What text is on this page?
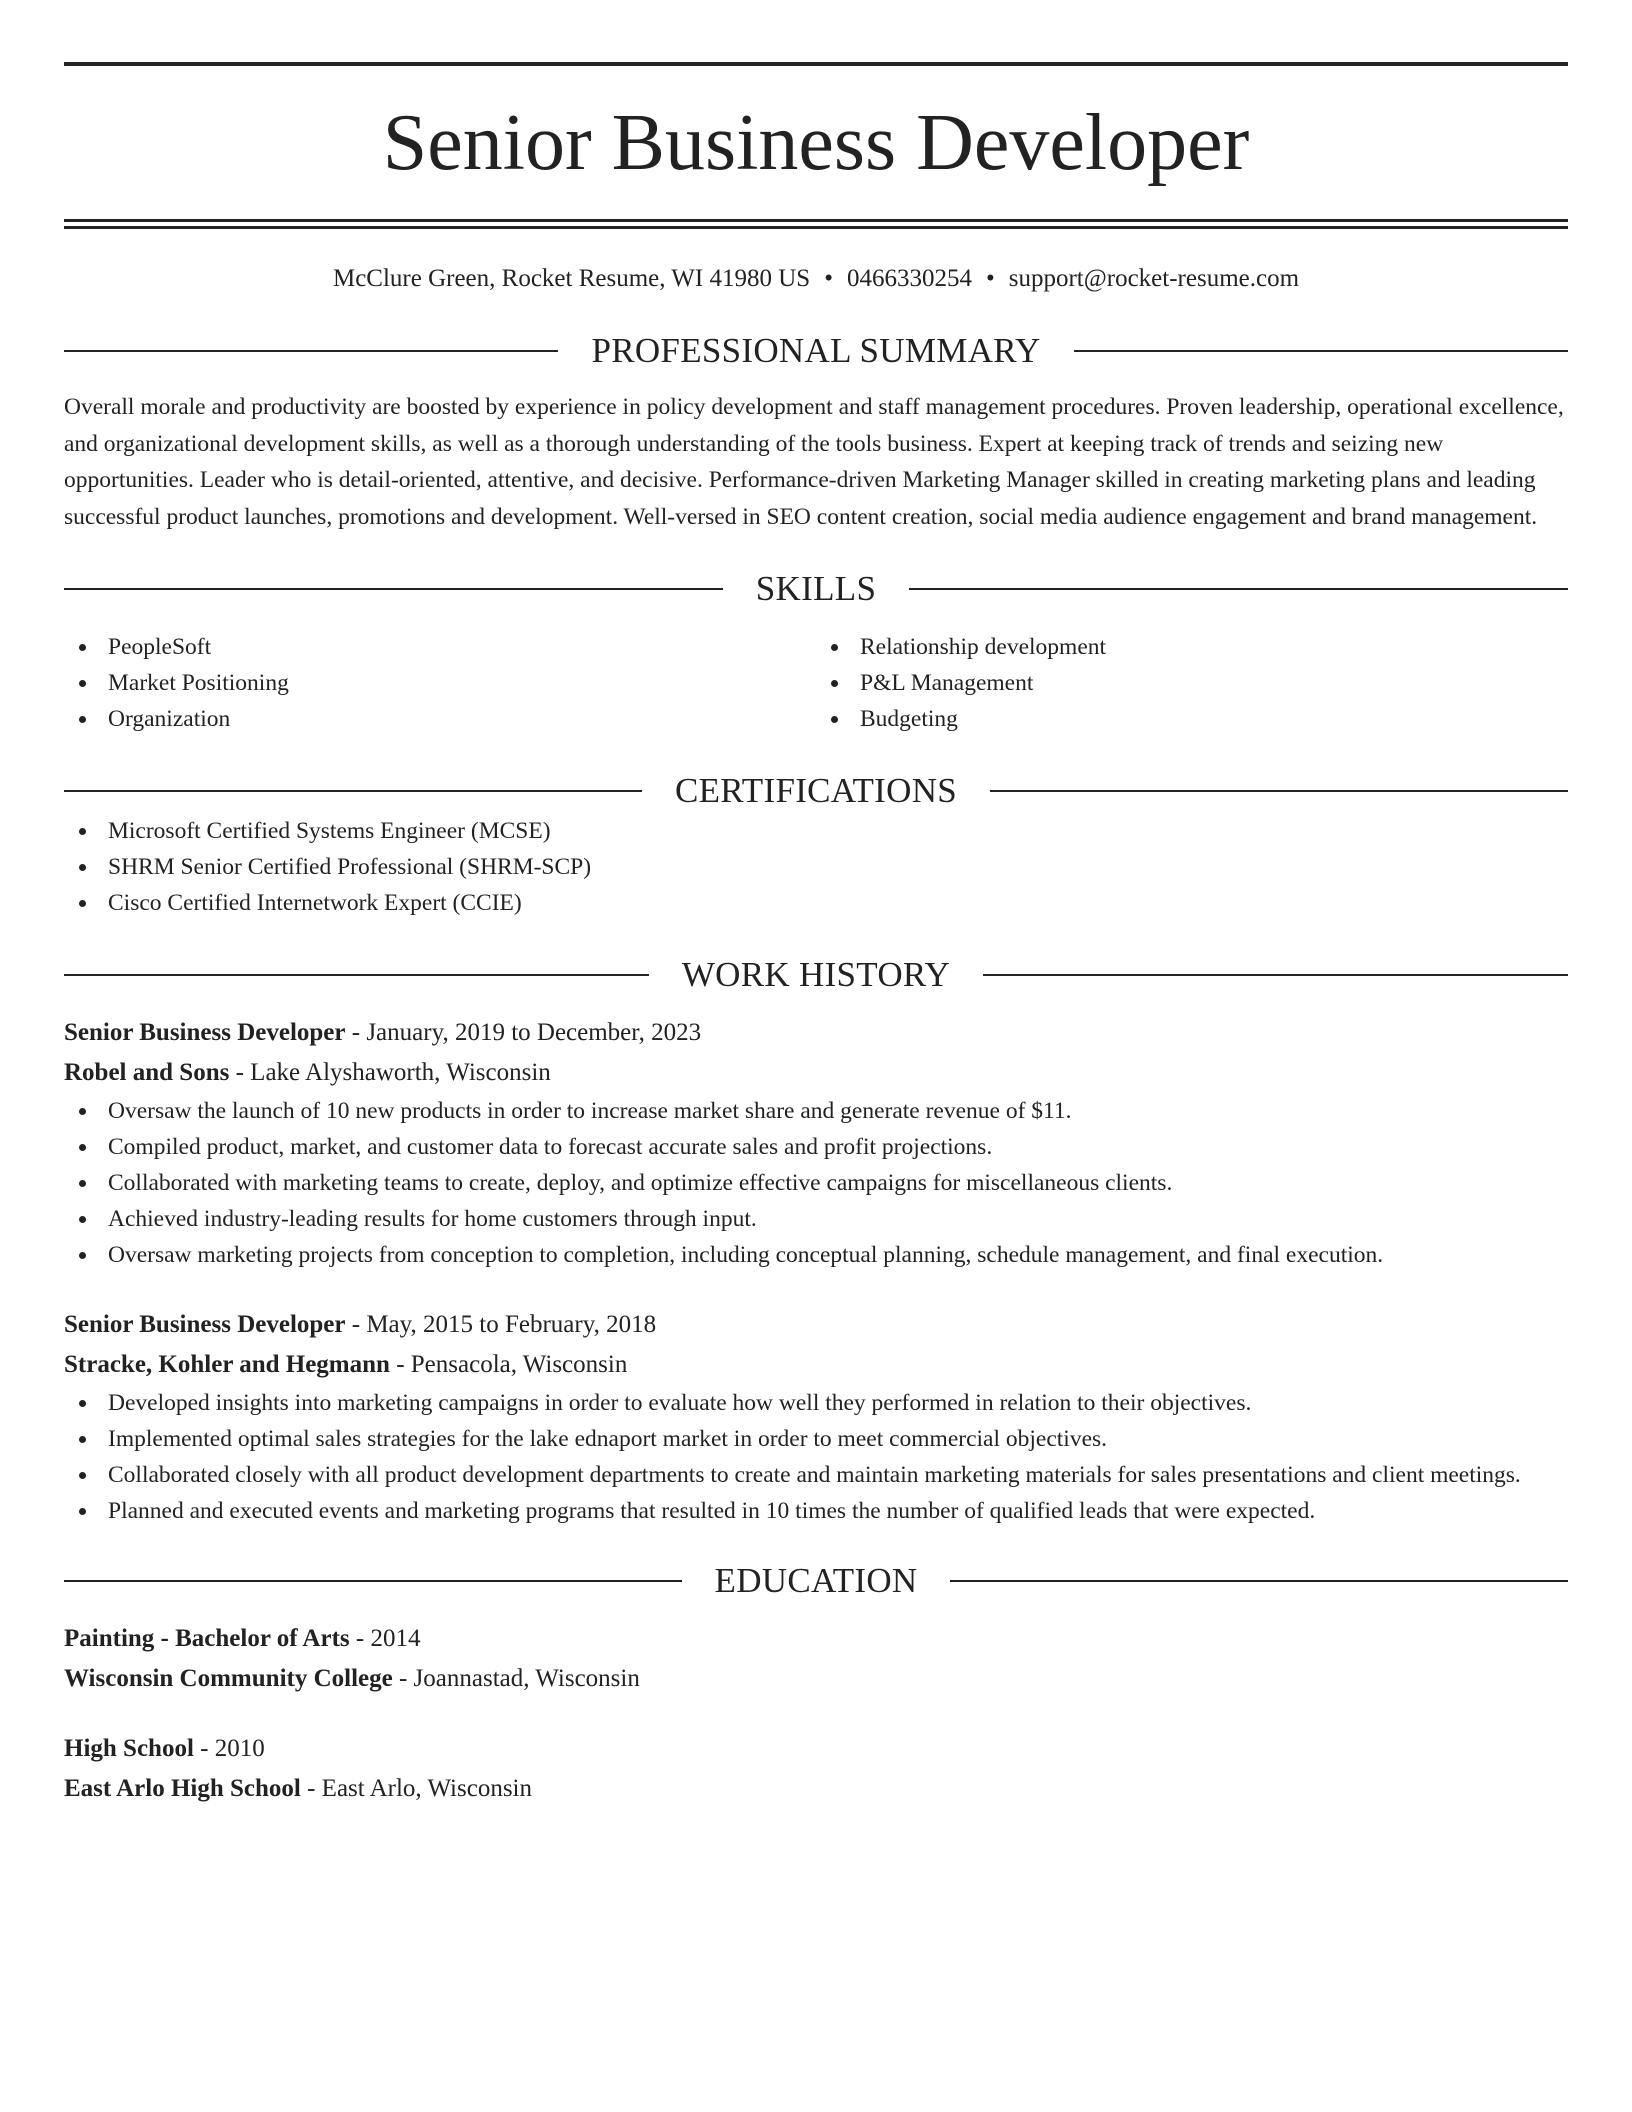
Senior Business Developer
McClure Green, Rocket Resume, WI 41980 US • 0466330254 • support@rocket-resume.com
PROFESSIONAL SUMMARY
Overall morale and productivity are boosted by experience in policy development and staff management procedures. Proven leadership, operational excellence, and organizational development skills, as well as a thorough understanding of the tools business. Expert at keeping track of trends and seizing new opportunities. Leader who is detail-oriented, attentive, and decisive. Performance-driven Marketing Manager skilled in creating marketing plans and leading successful product launches, promotions and development. Well-versed in SEO content creation, social media audience engagement and brand management.
SKILLS
PeopleSoft
Market Positioning
Organization
Relationship development
P&L Management
Budgeting
CERTIFICATIONS
Microsoft Certified Systems Engineer (MCSE)
SHRM Senior Certified Professional (SHRM-SCP)
Cisco Certified Internetwork Expert (CCIE)
WORK HISTORY
Senior Business Developer - January, 2019 to December, 2023
Robel and Sons - Lake Alyshaworth, Wisconsin
Oversaw the launch of 10 new products in order to increase market share and generate revenue of $11.
Compiled product, market, and customer data to forecast accurate sales and profit projections.
Collaborated with marketing teams to create, deploy, and optimize effective campaigns for miscellaneous clients.
Achieved industry-leading results for home customers through input.
Oversaw marketing projects from conception to completion, including conceptual planning, schedule management, and final execution.
Senior Business Developer - May, 2015 to February, 2018
Stracke, Kohler and Hegmann - Pensacola, Wisconsin
Developed insights into marketing campaigns in order to evaluate how well they performed in relation to their objectives.
Implemented optimal sales strategies for the lake ednaport market in order to meet commercial objectives.
Collaborated closely with all product development departments to create and maintain marketing materials for sales presentations and client meetings.
Planned and executed events and marketing programs that resulted in 10 times the number of qualified leads that were expected.
EDUCATION
Painting - Bachelor of Arts - 2014
Wisconsin Community College - Joannastad, Wisconsin
High School - 2010
East Arlo High School - East Arlo, Wisconsin
